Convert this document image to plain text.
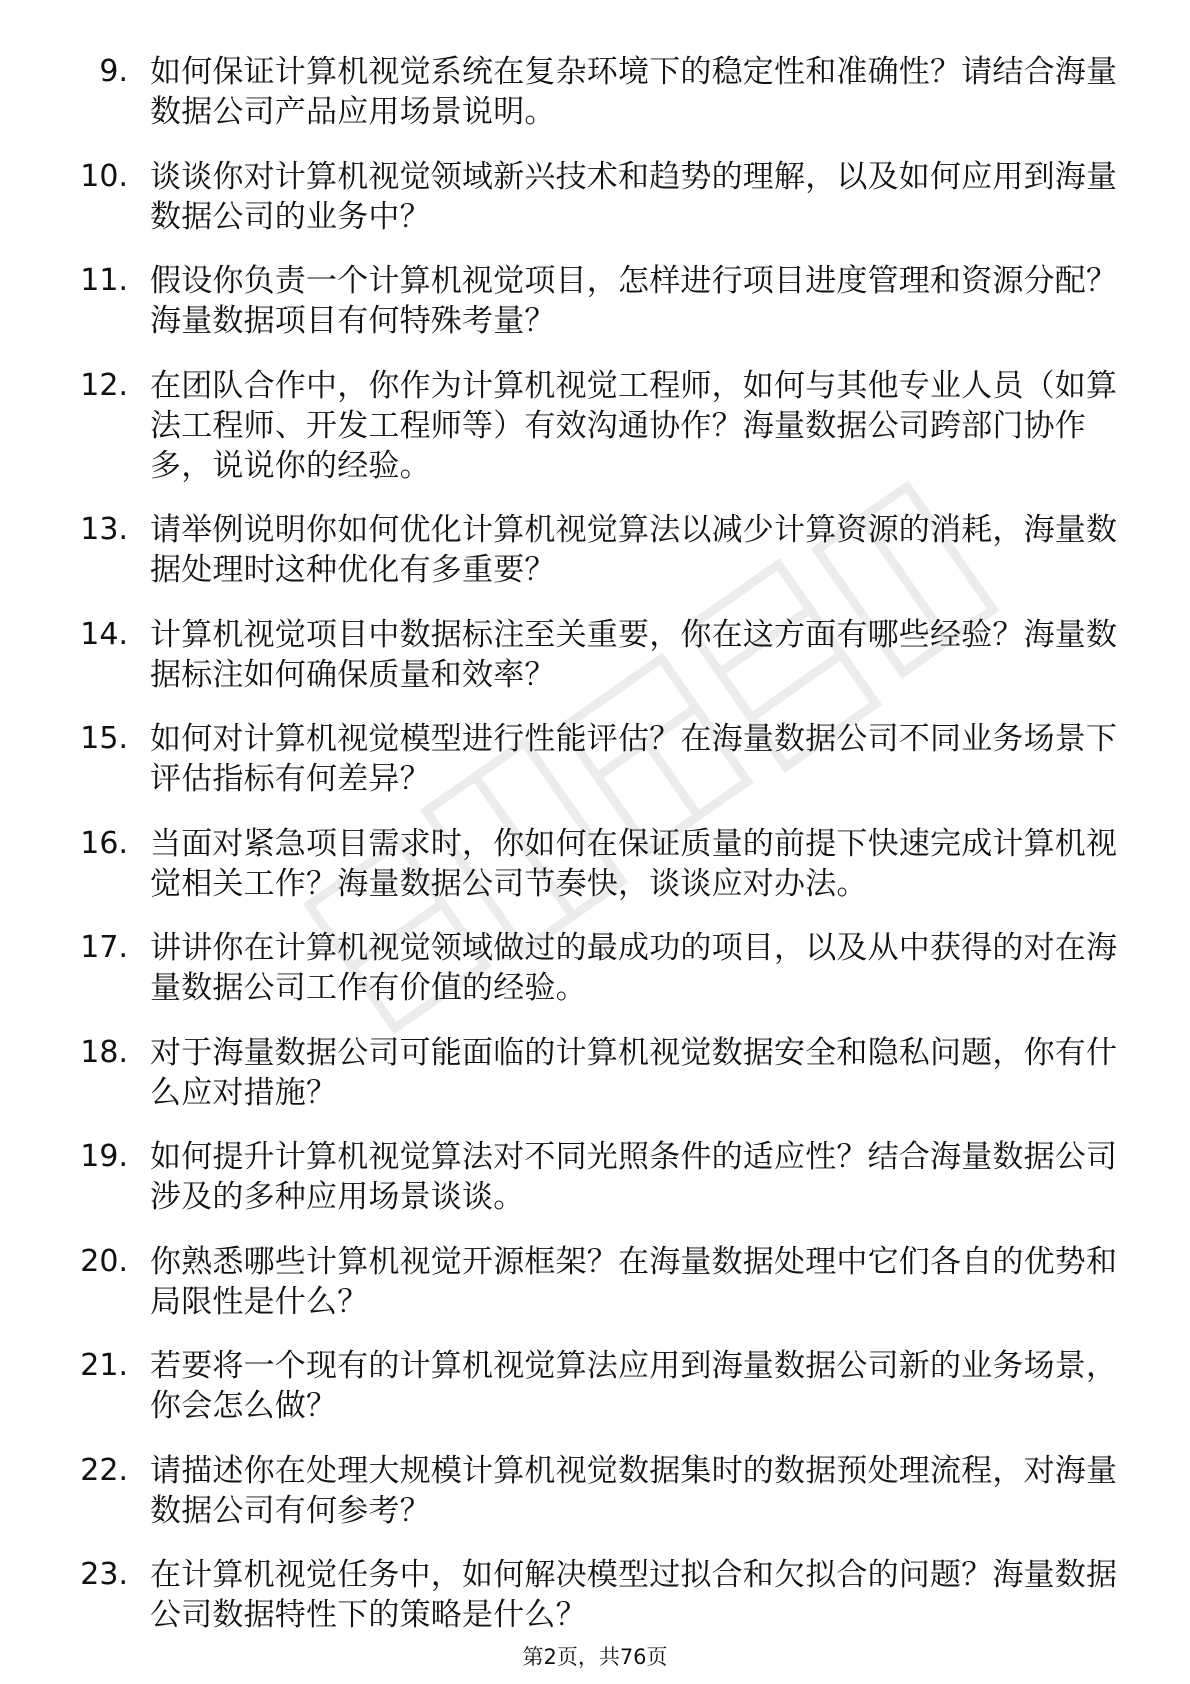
9. 如何保证计算机视觉系统在复杂环境下的稳定性和准确性？请结合海量数据公司产品应用场景说明。
10. 谈谈你对计算机视觉领域新兴技术和趋势的理解，以及如何应用到海量数据公司的业务中？
11. 假设你负责一个计算机视觉项目，怎样进行项目进度管理和资源分配？海量数据项目有何特殊考量？
12. 在团队合作中，你作为计算机视觉工程师，如何与其他专业人员（如算法工程师、开发工程师等）有效沟通协作？海量数据公司跨部门协作多，说说你的经验。
13. 请举例说明你如何优化计算机视觉算法以减少计算资源的消耗，海量数据处理时这种优化有多重要？
14. 计算机视觉项目中数据标注至关重要，你在这方面有哪些经验？海量数据标注如何确保质量和效率？
15. 如何对计算机视觉模型进行性能评估？在海量数据公司不同业务场景下评估指标有何差异？
16. 当面对紧急项目需求时，你如何在保证质量的前提下快速完成计算机视觉相关工作？海量数据公司节奏快，谈谈应对办法。
17. 讲讲你在计算机视觉领域做过的最成功的项目，以及从中获得的对在海量数据公司工作有价值的经验。
18. 对于海量数据公司可能面临的计算机视觉数据安全和隐私问题，你有什么应对措施？
19. 如何提升计算机视觉算法对不同光照条件的适应性？结合海量数据公司涉及的多种应用场景谈谈。
20. 你熟悉哪些计算机视觉开源框架？在海量数据处理中它们各自的优势和局限性是什么？
21. 若要将一个现有的计算机视觉算法应用到海量数据公司新的业务场景，你会怎么做？
22. 请描述你在处理大规模计算机视觉数据集时的数据预处理流程，对海量数据公司有何参考？
23. 在计算机视觉任务中，如何解决模型过拟合和欠拟合的问题？海量数据公司数据特性下的策略是什么？
第2页，共76页
